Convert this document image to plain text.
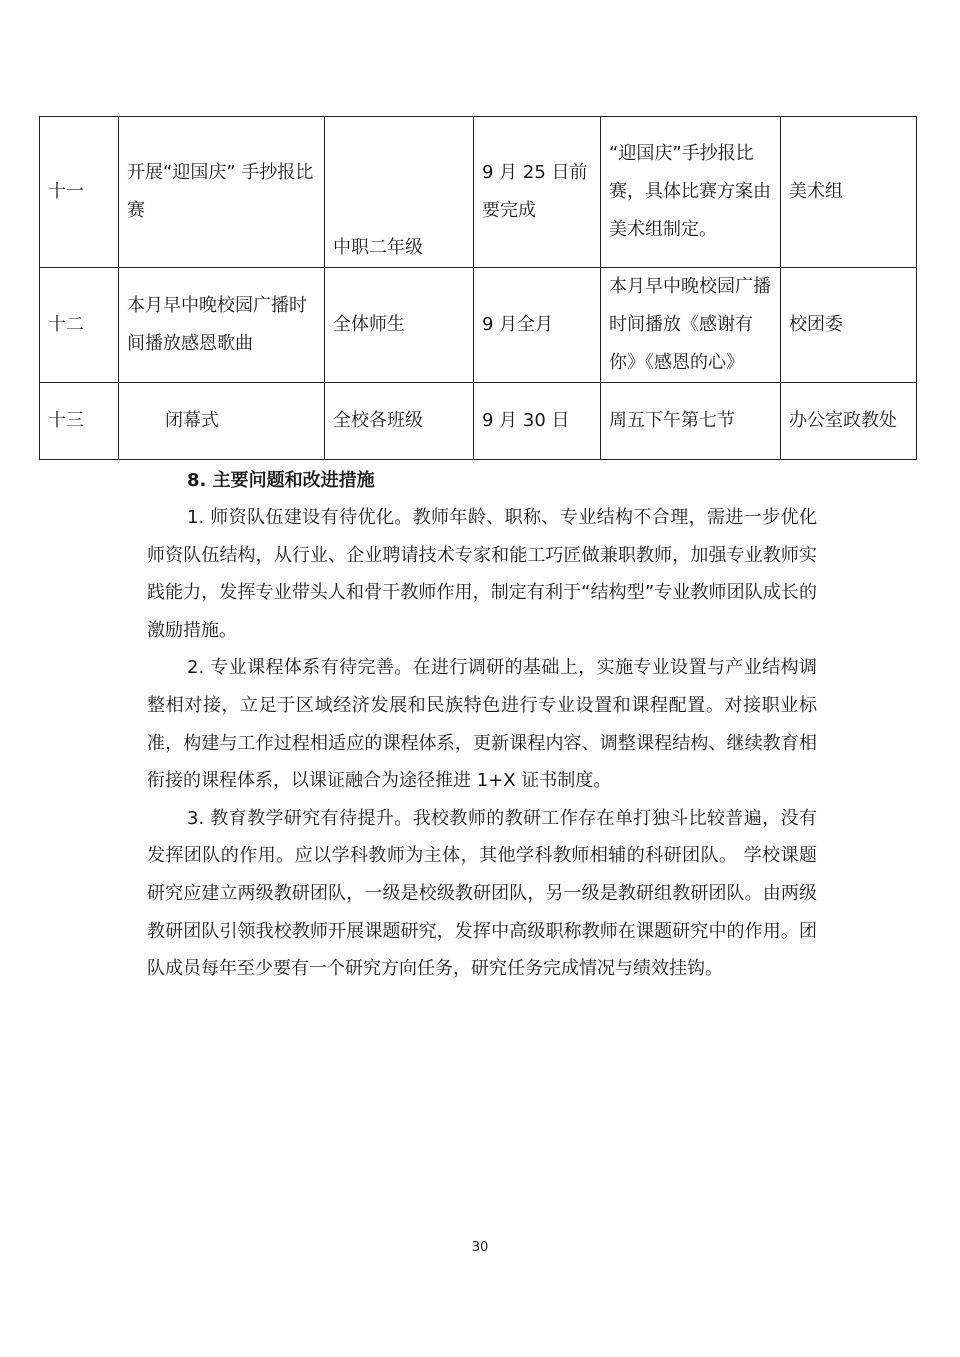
十一	开展“迎国庆” 手抄报比赛	中职二年级	9 月 25 日前要完成	“迎国庆”手抄报比赛，具体比赛方案由美术组制定。	美术组
十二	本月早中晚校园广播时间播放感恩歌曲	全体师生	9 月全月	本月早中晚校园广播时间播放《感谢有你》《感恩的心》	校团委
十三	闭幕式	全校各班级	9 月 30 日	周五下午第七节	办公室政教处
8. 主要问题和改进措施

1. 师资队伍建设有待优化。教师年龄、职称、专业结构不合理，需进一步优化师资队伍结构，从行业、企业聘请技术专家和能工巧匠做兼职教师，加强专业教师实践能力，发挥专业带头人和骨干教师作用，制定有利于“结构型”专业教师团队成长的激励措施。

2. 专业课程体系有待完善。在进行调研的基础上，实施专业设置与产业结构调整相对接，立足于区域经济发展和民族特色进行专业设置和课程配置。对接职业标准，构建与工作过程相适应的课程体系，更新课程内容、调整课程结构、继续教育相衔接的课程体系，以课证融合为途径推进 1+X 证书制度。

3. 教育教学研究有待提升。我校教师的教研工作存在单打独斗比较普遍，没有发挥团队的作用。应以学科教师为主体，其他学科教师相辅的科研团队。 学校课题研究应建立两级教研团队，一级是校级教研团队，另一级是教研组教研团队。由两级教研团队引领我校教师开展课题研究，发挥中高级职称教师在课题研究中的作用。团队成员每年至少要有一个研究方向任务，研究任务完成情况与绩效挂钩。

30
